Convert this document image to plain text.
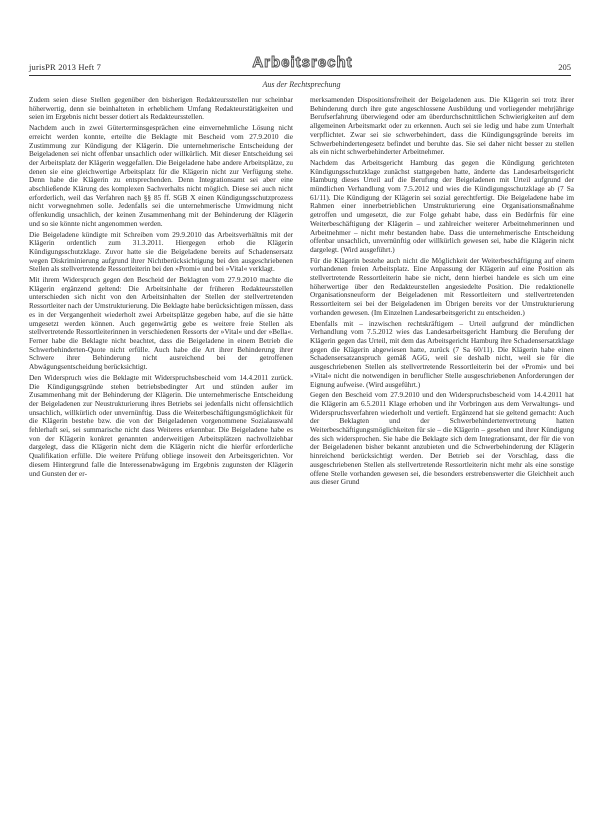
jurisPR 2013 Heft 7	Arbeitsrecht	205
Aus der Rechtsprechung

Zudem seien diese Stellen gegenüber den bisherigen Redakteursstellen nur scheinbar höherwertig, denn sie beinhalteten in erheblichem Umfang Redakteurstätigkeiten und seien im Ergebnis nicht besser dotiert als Redakteursstellen.

Nachdem auch in zwei Güterterminsgesprächen eine einvernehmliche Lösung nicht erreicht werden konnte, erteilte die Beklagte mit Bescheid vom 27.9.2010 die Zustimmung zur Kündigung der Klägerin. Die unternehmerische Entscheidung der Beigeladenen sei nicht offenbar unsachlich oder willkürlich. Mit dieser Entscheidung sei der Arbeitsplatz der Klägerin weggefallen. Die Beigeladene habe andere Arbeitsplätze, zu denen sie eine gleichwertige Arbeitsplatz für die Klägerin nicht zur Verfügung stehe. Denn habe die Klägerin zu entsprechenden. Denn Integrationsamt sei aber eine abschließende Klärung des komplexen Sachverhalts nicht möglich. Diese sei auch nicht erforderlich, weil das Verfahren nach §§ 85 ff. SGB X einen Kündigungsschutzprozess nicht vorwegnehmen solle. Jedenfalls sei die unternehmerische Umwidmung nicht offenkundig unsachlich, der keinen Zusammenhang mit der Behinderung der Klägerin und so sie könnte nicht angenommen werden.

Die Beigeladene kündigte mit Schreiben vom 29.9.2010 das Arbeitsverhältnis mit der Klägerin ordentlich zum 31.3.2011. Hiergegen erhob die Klägerin Kündigungsschutzklage. Zuvor hatte sie die Beigeladene bereits auf Schadensersatz wegen Diskriminierung aufgrund ihrer Nichtberücksichtigung bei den ausgeschriebenen Stellen als stellvertretende Ressortleiterin bei den »Promi« und bei »Vital« verklagt.

Mit ihrem Widerspruch gegen den Bescheid der Beklagten vom 27.9.2010 machte die Klägerin ergänzend geltend: Die Arbeitsinhalte der früheren Redakteursstellen unterschieden sich nicht von den Arbeitsinhalten der Stellen der stellvertretenden Ressortleiter nach der Umstrukturierung. Die Beklagte habe berücksichtigen müssen, dass es in der Vergangenheit wiederholt zwei Arbeitsplätze gegeben habe, auf die sie hätte umgesetzt werden können. Auch gegenwärtig gebe es weitere freie Stellen als stellvertretende Ressortleiterinnen in verschiedenen Ressorts der »Vital« und der »Bella«. Ferner habe die Beklagte nicht beachtet, dass die Beigeladene in einem Betrieb die Schwerbehinderten-Quote nicht erfülle. Auch habe die Art ihrer Behinderung ihrer Schwere ihrer Behinderung nicht ausreichend bei der getroffenen Abwägungsentscheidung berücksichtigt.

Den Widerspruch wies die Beklagte mit Widerspruchsbescheid vom 14.4.2011 zurück. Die Kündigungsgründe stehen betriebsbedingter Art und stünden außer im Zusammenhang mit der Behinderung der Klägerin. Die unternehmerische Entscheidung der Beigeladenen zur Neustrukturierung ihres Betriebs sei jedenfalls nicht offensichtlich unsachlich, willkürlich oder unvernünftig. Dass die Weiterbeschäftigungsmöglichkeit für die Klägerin bestehe bzw. die von der Beigeladenen vorgenommene Sozialauswahl fehlerhaft sei, sei summarische nicht dass Weiteres erkennbar. Die Beigeladene habe es von der Klägerin konkret genannten anderweitigen Arbeitsplätzen nachvollziehbar dargelegt, dass die Klägerin nicht dem die Klägerin nicht die hierfür erforderliche Qualifikation erfülle. Die weitere Prüfung obliege insoweit den Arbeitsgerichten. Vor diesem Hintergrund falle die Interessenabwägung im Ergebnis zugunsten der Klägerin und Gunsten der er-

merksamenden Dispositionsfreiheit der Beigeladenen aus. Die Klägerin sei trotz ihrer Behinderung durch ihre gute angeschlossene Ausbildung und vorliegender mehrjährige Berufserfahrung überwiegend oder am überdurchschnittlichen Schwierigkeiten auf dem allgemeinen Arbeitsmarkt oder zu erkennen. Auch sei sie ledig und habe zum Unterhalt verpflichtet. Zwar sei sie schwerbehindert, dass die Kündigungsgründe bereits im Schwerbehindertengesetz befindet und beruhte das. Sie sei daher nicht besser zu stellen als ein nicht schwerbehinderter Arbeitnehmer.

Nachdem das Arbeitsgericht Hamburg das gegen die Kündigung gerichteten Kündigungsschutzklage zunächst stattgegeben hatte, änderte das Landesarbeitsgericht Hamburg dieses Urteil auf die Berufung der Beigeladenen mit Urteil aufgrund der mündlichen Verhandlung vom 7.5.2012 und wies die Kündigungsschutzklage ab (7 Sa 61/11). Die Kündigung der Klägerin sei sozial gerechtfertigt. Die Beigeladene habe im Rahmen einer innerbetrieblichen Umstrukturierung eine Organisationsmaßnahme getroffen und umgesetzt, die zur Folge gehabt habe, dass ein Bedürfnis für eine Weiterbeschäftigung der Klägerin – und zahlreicher weiterer Arbeitnehmerinnen und Arbeitnehmer – nicht mehr bestanden habe. Dass die unternehmerische Entscheidung offenbar unsachlich, unvernünftig oder willkürlich gewesen sei, habe die Klägerin nicht dargelegt. (Wird ausgeführt.)

Für die Klägerin bestehe auch nicht die Möglichkeit der Weiterbeschäftigung auf einem vorhandenen freien Arbeitsplatz. Eine Anpassung der Klägerin auf eine Position als stellvertretende Ressortleiterin habe sie nicht, denn hierbei handele es sich um eine höherwertige über den Redakteurstellen angesiedelte Position. Die redaktionelle Organisationsneuform der Beigeladenen mit Ressortleitern und stellvertretenden Ressortleitern sei bei der Beigeladenen im Übrigen bereits vor der Umstrukturierung vorhanden gewesen. (Im Einzelnen Landesarbeitsgericht zu entscheiden.)

Ebenfalls mit – inzwischen rechtskräftigem – Urteil aufgrund der mündlichen Verhandlung vom 7.5.2012 wies das Landesarbeitsgericht Hamburg die Berufung der Klägerin gegen das Urteil, mit dem das Arbeitsgericht Hamburg ihre Schadensersatzklage gegen die Klägerin abgewiesen hatte, zurück (7 Sa 60/11). Die Klägerin habe einen Schadensersatzanspruch gemäß AGG, weil sie deshalb nicht, weil sie für die ausgeschriebenen Stellen als stellvertretende Ressortleiterin bei der »Promi« und bei »Vital« nicht die notwendigen in beruflicher Stelle ausgeschriebenen Anforderungen der Eignung aufweise. (Wird ausgeführt.)

Gegen den Bescheid vom 27.9.2010 und den Widerspruchsbescheid vom 14.4.2011 hat die Klägerin am 6.5.2011 Klage erhoben und ihr Vorbringen aus dem Verwaltungs- und Widerspruchsverfahren wiederholt und vertieft. Ergänzend hat sie geltend gemacht: Auch der Beklagten und der Schwerbehindertenvertretung hatten Weiterbeschäftigungsmöglichkeiten für sie – die Klägerin – gesehen und ihrer Kündigung des sich widersprochen. Sie habe die Beklagte sich dem Integrationsamt, der für die von der Beigeladenen bisher bekannt anzubieten und die Schwerbehinderung der Klägerin hinreichend berücksichtigt werden. Der Betrieb sei der Vorschlag, dass die ausgeschriebenen Stellen als stellvertretende Ressortleiterin nicht mehr als eine sonstige offene Stelle vorhanden gewesen sei, die besonders erstrebenswerter die Gleichheit auch aus dieser Grund
